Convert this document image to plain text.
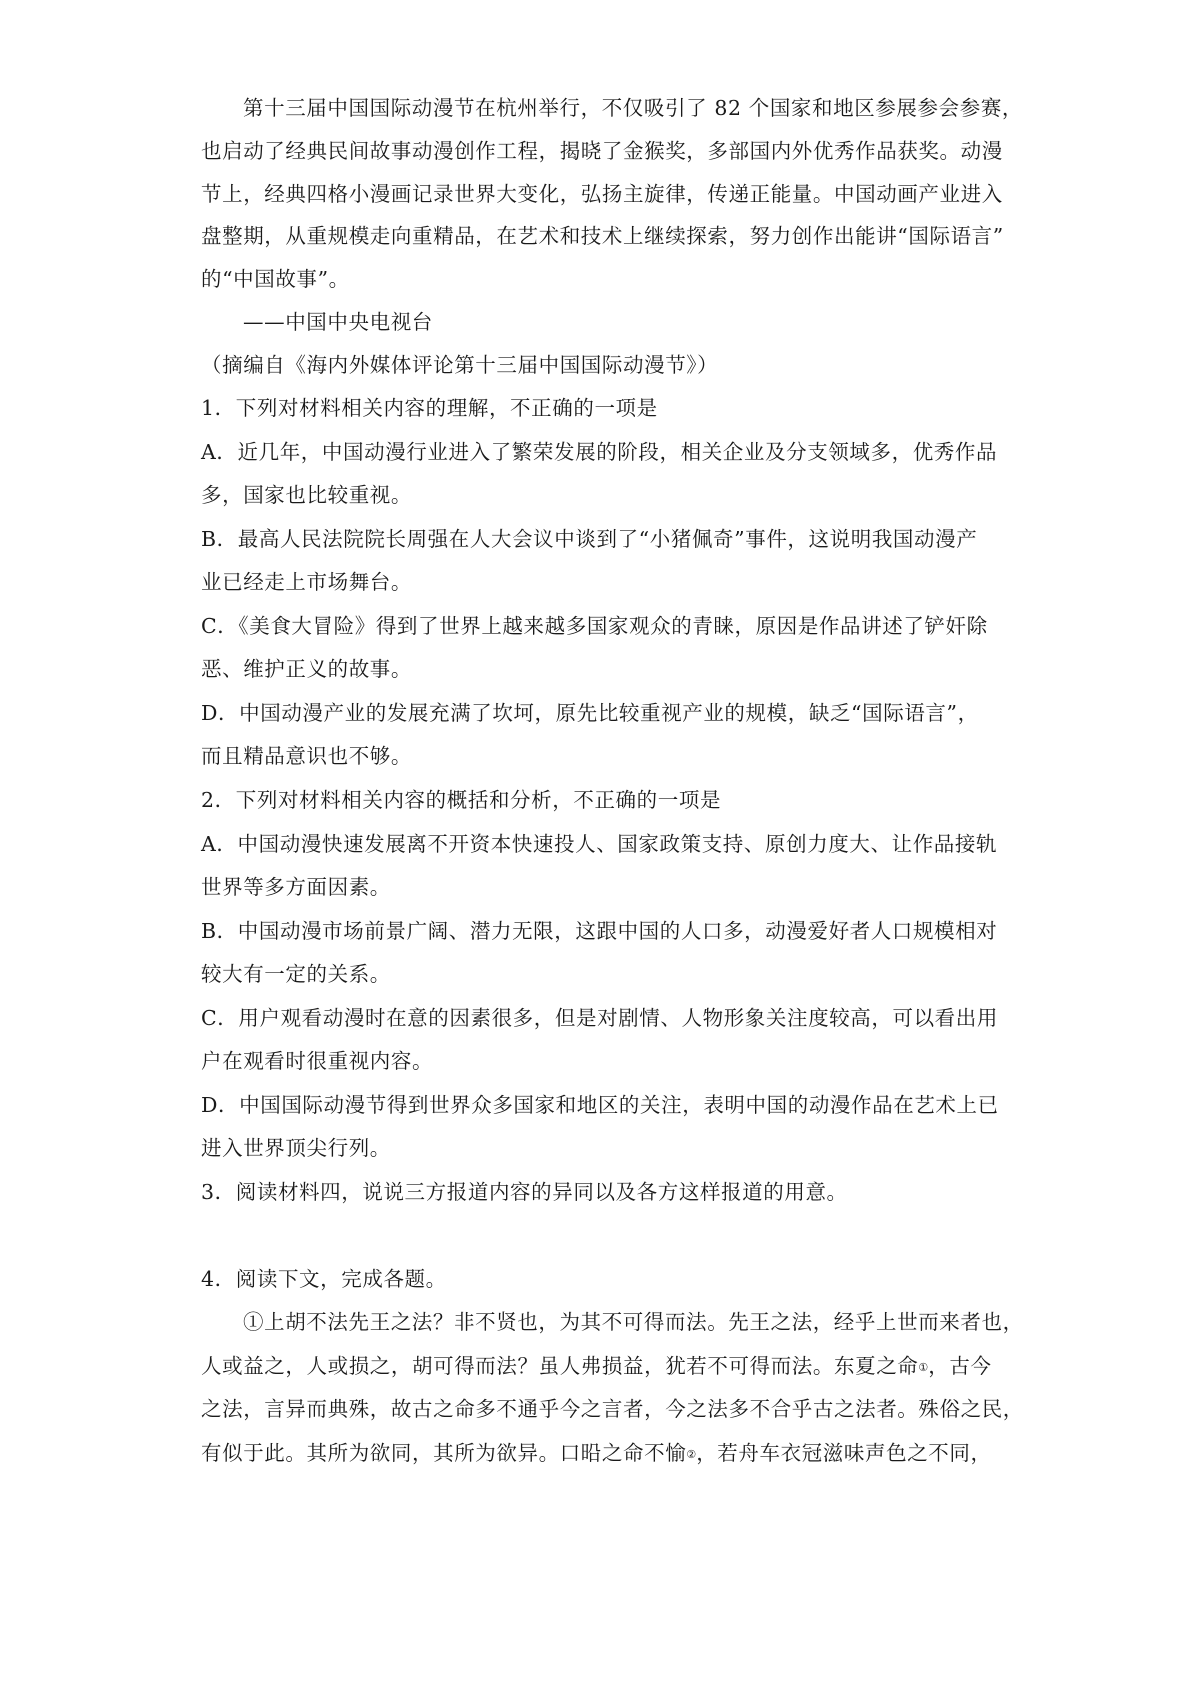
第十三届中国国际动漫节在杭州举行，不仅吸引了 82 个国家和地区参展参会参赛，
也启动了经典民间故事动漫创作工程，揭晓了金猴奖，多部国内外优秀作品获奖。动漫
节上，经典四格小漫画记录世界大变化，弘扬主旋律，传递正能量。中国动画产业进入
盘整期，从重规模走向重精品，在艺术和技术上继续探索，努力创作出能讲“国际语言”
的“中国故事”。
——中国中央电视台
（摘编自《海内外媒体评论第十三届中国国际动漫节》）
1．下列对材料相关内容的理解，不正确的一项是
A．近几年，中国动漫行业进入了繁荣发展的阶段，相关企业及分支领域多，优秀作品
多，国家也比较重视。
B．最高人民法院院长周强在人大会议中谈到了“小猪佩奇”事件，这说明我国动漫产
业已经走上市场舞台。
C．《美食大冒险》得到了世界上越来越多国家观众的青睐，原因是作品讲述了铲奸除
恶、维护正义的故事。
D．中国动漫产业的发展充满了坎坷，原先比较重视产业的规模，缺乏“国际语言”，
而且精品意识也不够。
2．下列对材料相关内容的概括和分析，不正确的一项是
A．中国动漫快速发展离不开资本快速投人、国家政策支持、原创力度大、让作品接轨
世界等多方面因素。
B．中国动漫市场前景广阔、潜力无限，这跟中国的人口多，动漫爱好者人口规模相对
较大有一定的关系。
C．用户观看动漫时在意的因素很多，但是对剧情、人物形象关注度较高，可以看出用
户在观看时很重视内容。
D．中国国际动漫节得到世界众多国家和地区的关注，表明中国的动漫作品在艺术上已
进入世界顶尖行列。
3．阅读材料四，说说三方报道内容的异同以及各方这样报道的用意。
4．阅读下文，完成各题。
①上胡不法先王之法？非不贤也，为其不可得而法。先王之法，经乎上世而来者也，
人或益之，人或损之，胡可得而法？虽人弗损益，犹若不可得而法。东夏之命①，古今
之法，言异而典殊，故古之命多不通乎今之言者，今之法多不合乎古之法者。殊俗之民，
有似于此。其所为欲同，其所为欲异。口㫟之命不愉②，若舟车衣冠滋味声色之不同，
